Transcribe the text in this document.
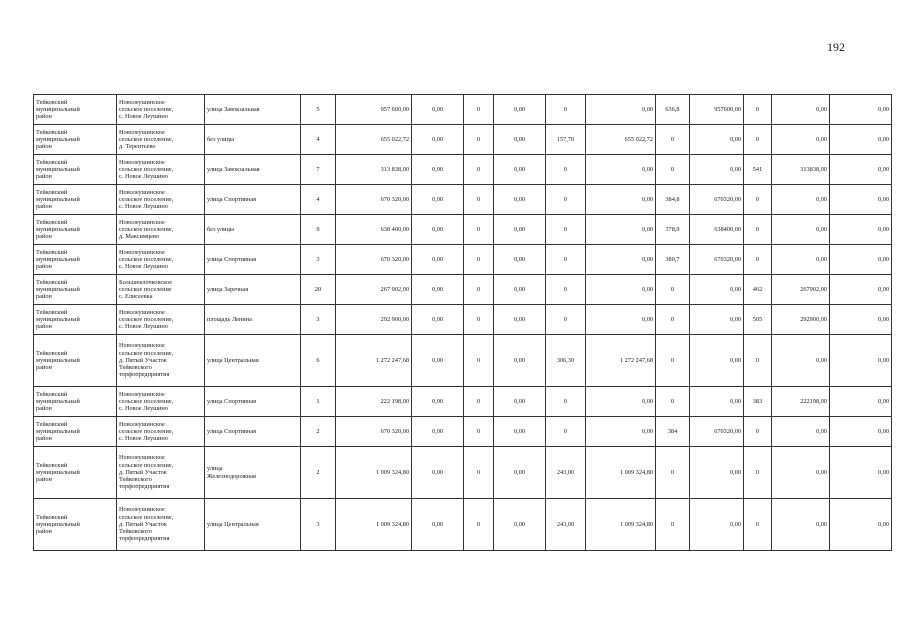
192
Тейковский
муниципальный
район	Новолеушинское
сельское поселение,
с. Новое Леушино	улица Завокзальная	5	957 600,00	0,00	0	0,00	0	0,00	636,8	957600,00	0	0,00	0,00

Тейковский
муниципальный
район	Новолеушинское
сельское поселение,
д. Терентьево	без улицы	4	655 022,72	0,00	0	0,00	157,70	655 022,72	0	0,00	0	0,00	0,00

Тейковский
муниципальный
район	Новолеушинское
сельское поселение,
с. Новое Леушино	улица Завокзальная	7	313 838,00	0,00	0	0,00	0	0,00	0	0,00	541	313838,00	0,00

Тейковский
муниципальный
район	Новолеушинское
сельское поселение,
с. Новое Леушино	улица Спортивная	4	670 320,00	0,00	0	0,00	0	0,00	384,8	670320,00	0	0,00	0,00

Тейковский
муниципальный
район	Новолеушинское
сельское поселение,
д. Максимцево	без улицы	9	638 400,00	0,00	0	0,00	0	0,00	378,9	638400,00	0	0,00	0,00

Тейковский
муниципальный
район	Новолеушинское
сельское поселение,
с. Новое Леушино	улица Спортивная	3	670 320,00	0,00	0	0,00	0	0,00	380,7	670320,00	0	0,00	0,00

Тейковский
муниципальный
район	Большеклочковское
сельское поселение
с. Елисеевка	улица Заречная	20	267 902,00	0,00	0	0,00	0	0,00	0	0,00	462	267902,00	0,00

Тейковский
муниципальный
район	Новолеушинское
сельское поселение,
с. Новое Леушино	площадь Ленина	3	292 900,00	0,00	0	0,00	0	0,00	0	0,00	505	292900,00	0,00

Тейковский
муниципальный
район	Новолеушинское
сельское поселение,
д. Пятый Участок
Тейковского
торфопредприятия	улица Центральная	6	1 272 247,68	0,00	0	0,00	306,30	1 272 247,68	0	0,00	0	0,00	0,00

Тейковский
муниципальный
район	Новолеушинское
сельское поселение,
с. Новое Леушино	улица Спортивная	1	222 198,00	0,00	0	0,00	0	0,00	0	0,00	383	222198,00	0,00

Тейковский
муниципальный
район	Новолеушинское
сельское поселение,
с. Новое Леушино	улица Спортивная	2	670 320,00	0,00	0	0,00	0	0,00	384	670320,00	0	0,00	0,00

Тейковский
муниципальный
район	Новолеушинское
сельское поселение,
д. Пятый Участок
Тейковского
торфопредприятия	улица
Железнодорожная	2	1 009 324,80	0,00	0	0,00	243,00	1 009 324,80	0	0,00	0	0,00	0,00

Тейковский
муниципальный
район	Новолеушинское
сельское поселение,
д. Пятый Участок
Тейковского
торфопредприятия	улица Центральная	3	1 009 324,80	0,00	0	0,00	243,00	1 009 324,80	0	0,00	0	0,00	0,00
